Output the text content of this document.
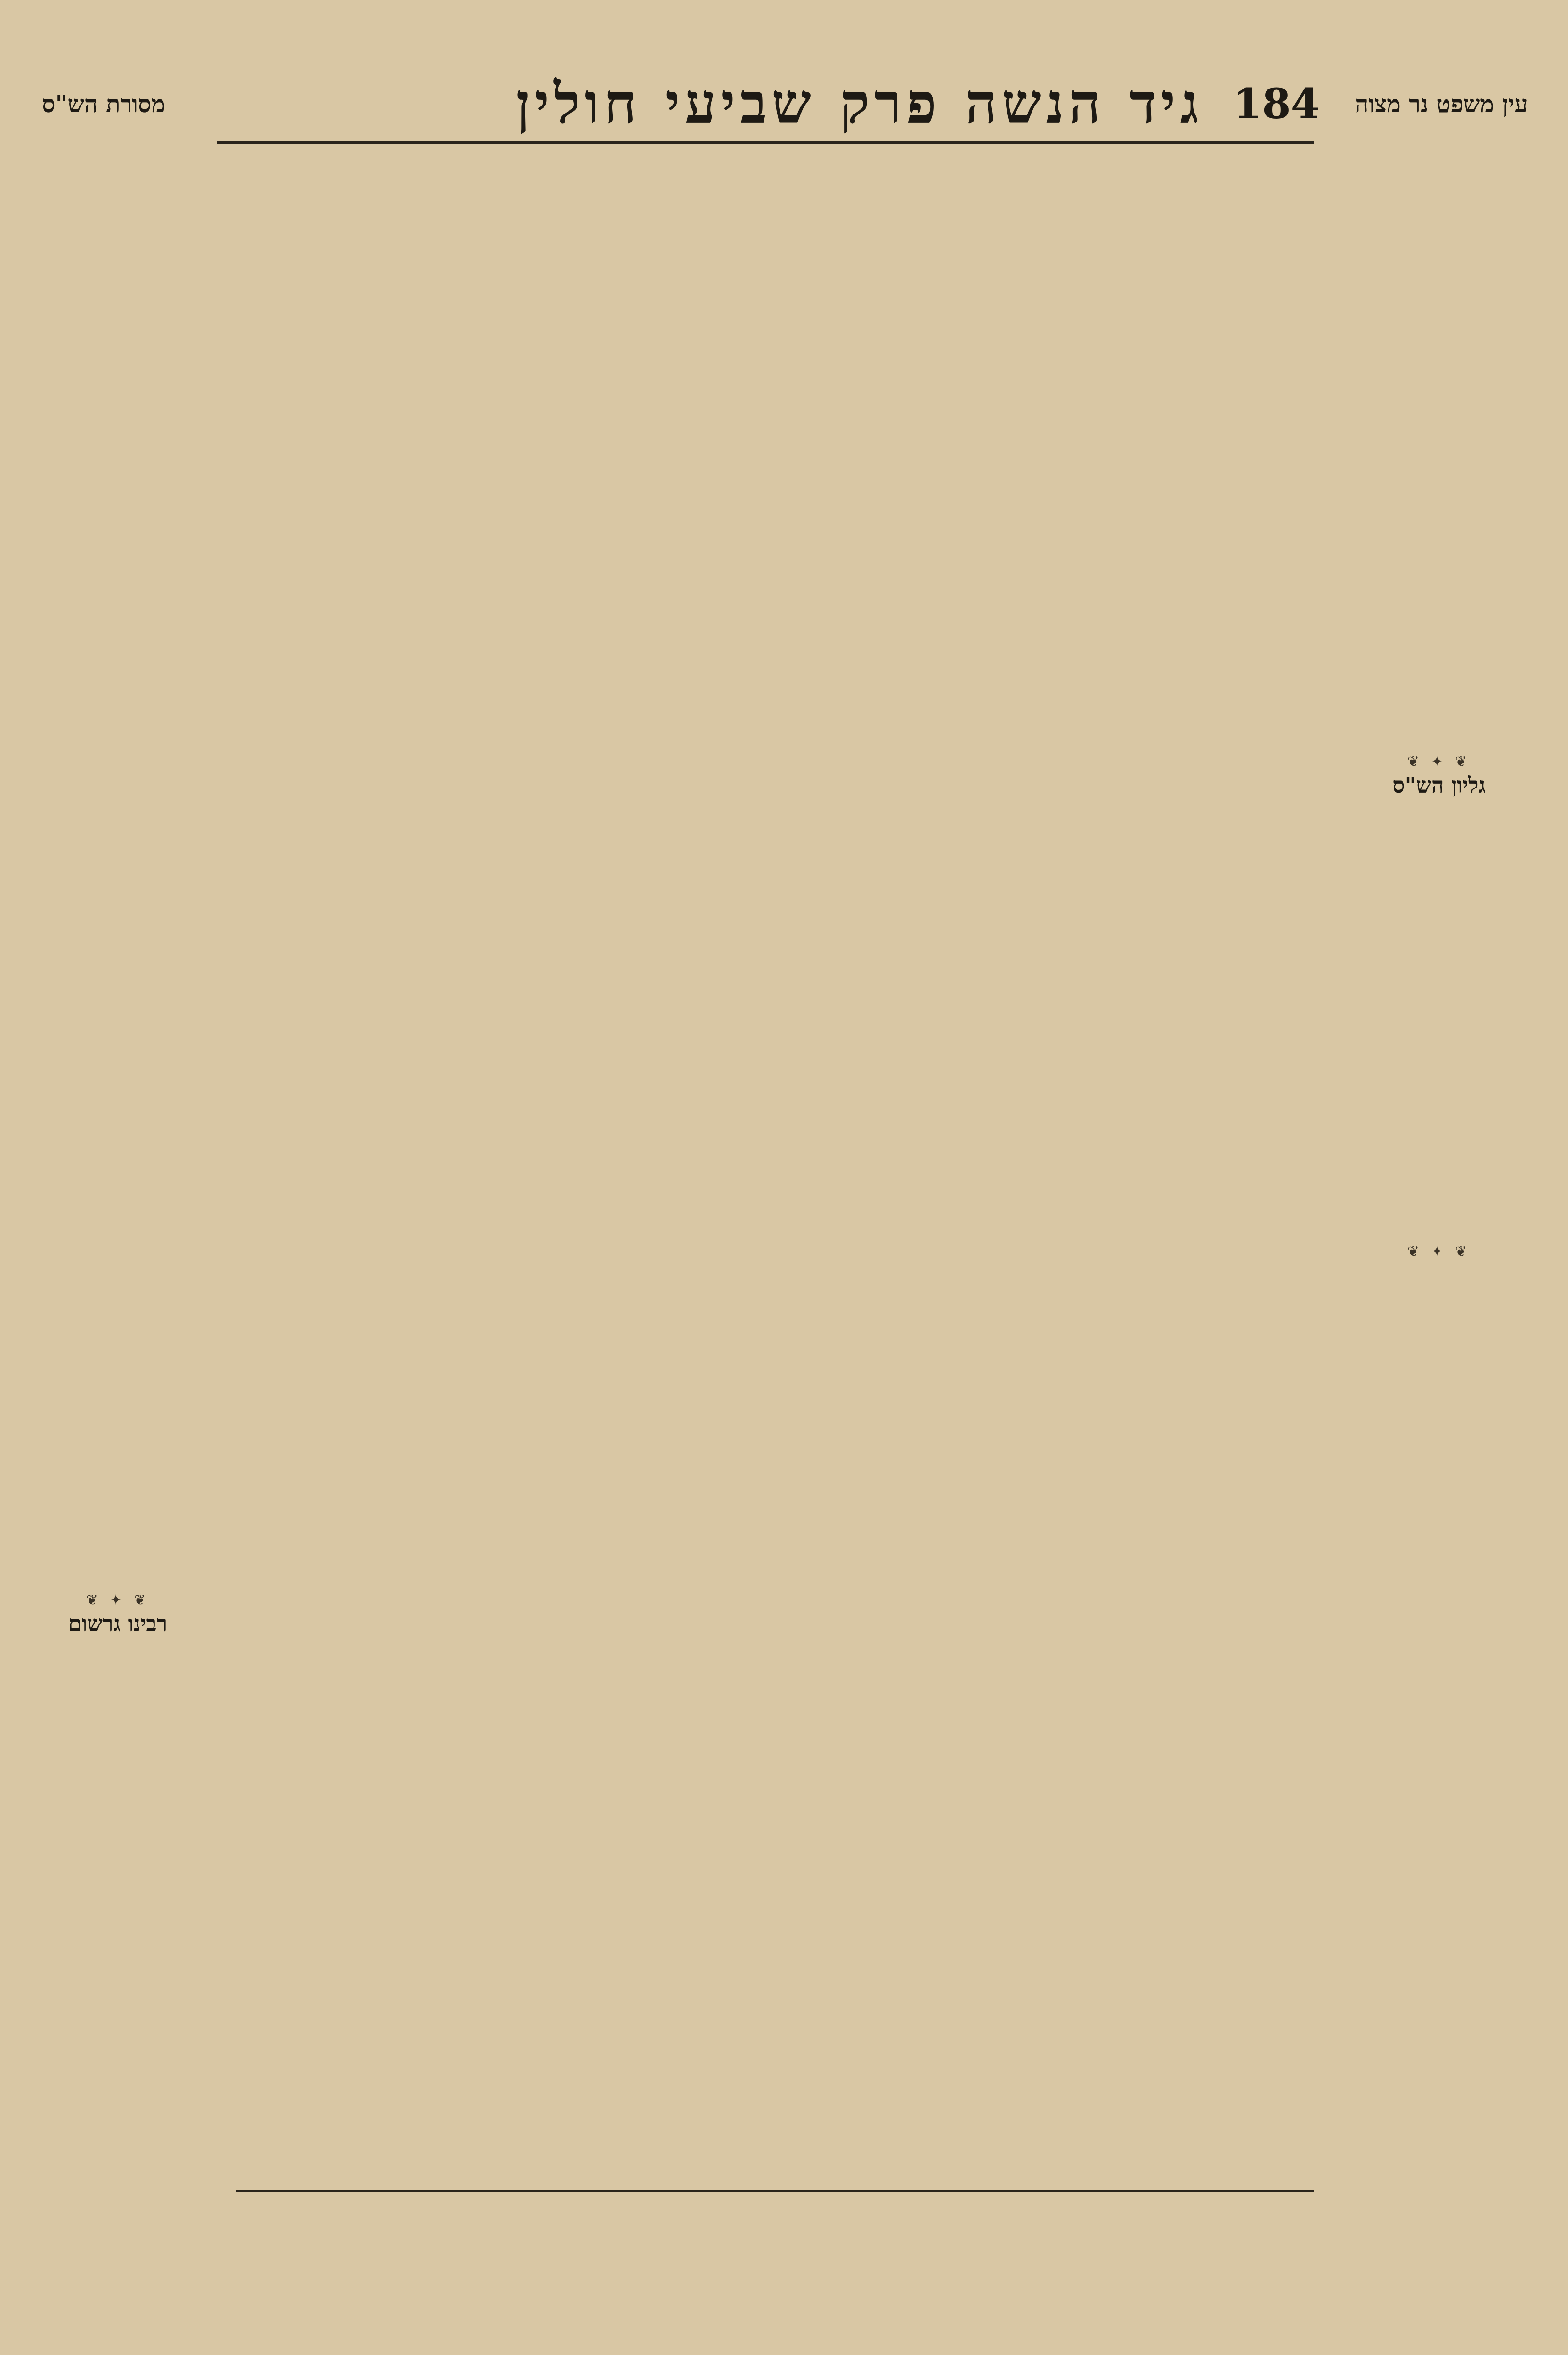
מסורת הש"ס	גיד הנשה פרק שביעי חולין 184	עין משפט נר מצוה
❦ ✦ ❦
רבינו גרשום
❦ ✦ ❦
גליון הש"ס
❦ ✦ ❦
